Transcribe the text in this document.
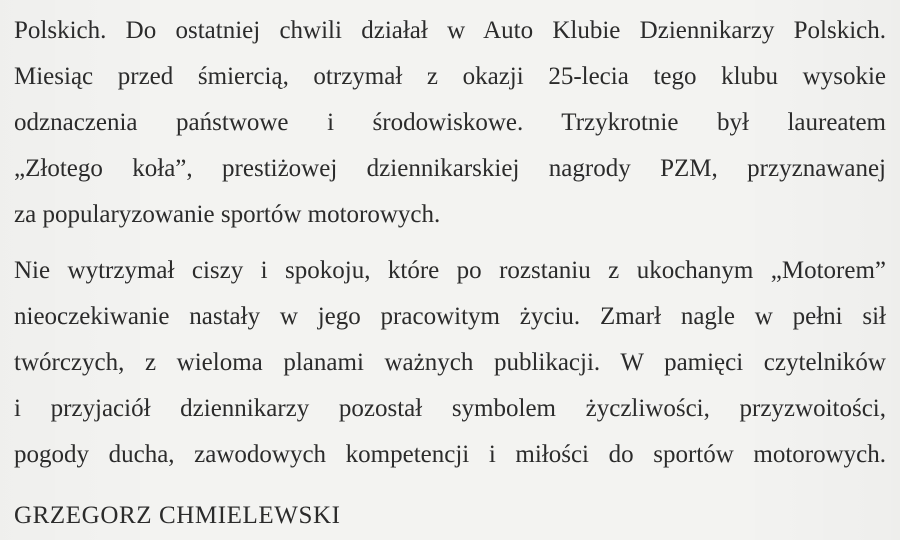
Polskich. Do ostatniej chwili działał w Auto Klubie Dziennikarzy Polskich.
Miesiąc przed śmiercią, otrzymał z okazji 25-lecia tego klubu wysokie
odznaczenia państwowe i środowiskowe. Trzykrotnie był laureatem
„Złotego koła”, prestiżowej dziennikarskiej nagrody PZM, przyznawanej
za popularyzowanie sportów motorowych.
Nie wytrzymał ciszy i spokoju, które po rozstaniu z ukochanym „Motorem”
nieoczekiwanie nastały w jego pracowitym życiu. Zmarł nagle w pełni sił
twórczych, z wieloma planami ważnych publikacji. W pamięci czytelników
i przyjaciół dziennikarzy pozostał symbolem życzliwości, przyzwoitości,
pogody ducha, zawodowych kompetencji i miłości do sportów motorowych.
GRZEGORZ CHMIELEWSKI
